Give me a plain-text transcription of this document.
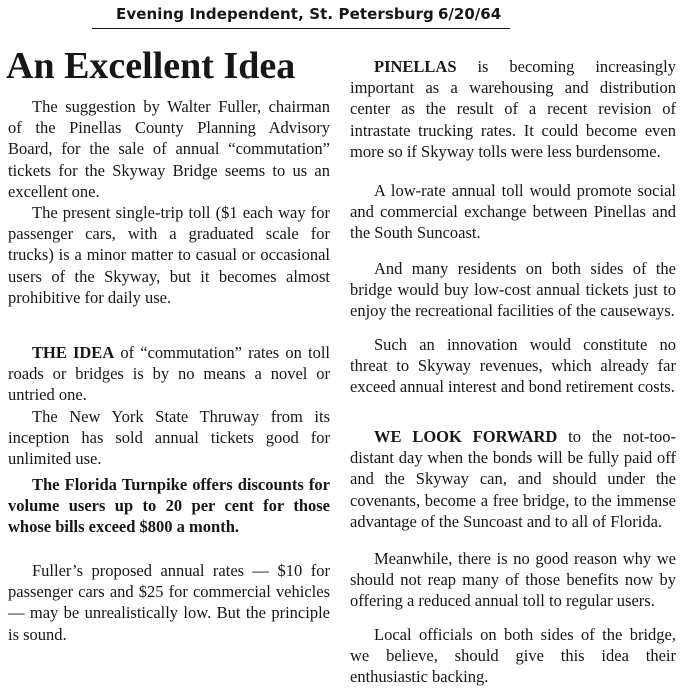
Evening Independent, St. Petersburg 6/20/64
An Excellent Idea

The suggestion by Walter Fuller, chairman of the Pinellas County Planning Advisory Board, for the sale of annual “commutation” tickets for the Skyway Bridge seems to us an excellent one.

The present single-trip toll ($1 each way for passenger cars, with a graduated scale for trucks) is a minor matter to casual or occasional users of the Skyway, but it becomes almost prohibitive for daily use.

THE IDEA of “commutation” rates on toll roads or bridges is by no means a novel or untried one.

The New York State Thruway from its inception has sold annual tickets good for unlimited use.

The Florida Turnpike offers discounts for volume users up to 20 per cent for those whose bills exceed $800 a month.

Fuller’s proposed annual rates — $10 for passenger cars and $25 for commercial vehicles — may be unrealistically low. But the principle is sound.

PINELLAS is becoming increasingly important as a warehousing and distribution center as the result of a recent revision of intrastate trucking rates. It could become even more so if Skyway tolls were less burdensome.

A low-rate annual toll would promote social and commercial exchange between Pinellas and the South Suncoast.

And many residents on both sides of the bridge would buy low-cost annual tickets just to enjoy the recreational facilities of the causeways.

Such an innovation would constitute no threat to Skyway revenues, which already far exceed annual interest and bond retirement costs.

WE LOOK FORWARD to the not-too-distant day when the bonds will be fully paid off and the Skyway can, and should under the covenants, become a free bridge, to the immense advantage of the Suncoast and to all of Florida.

Meanwhile, there is no good reason why we should not reap many of those benefits now by offering a reduced annual toll to regular users.

Local officials on both sides of the bridge, we believe, should give this idea their enthusiastic backing.
